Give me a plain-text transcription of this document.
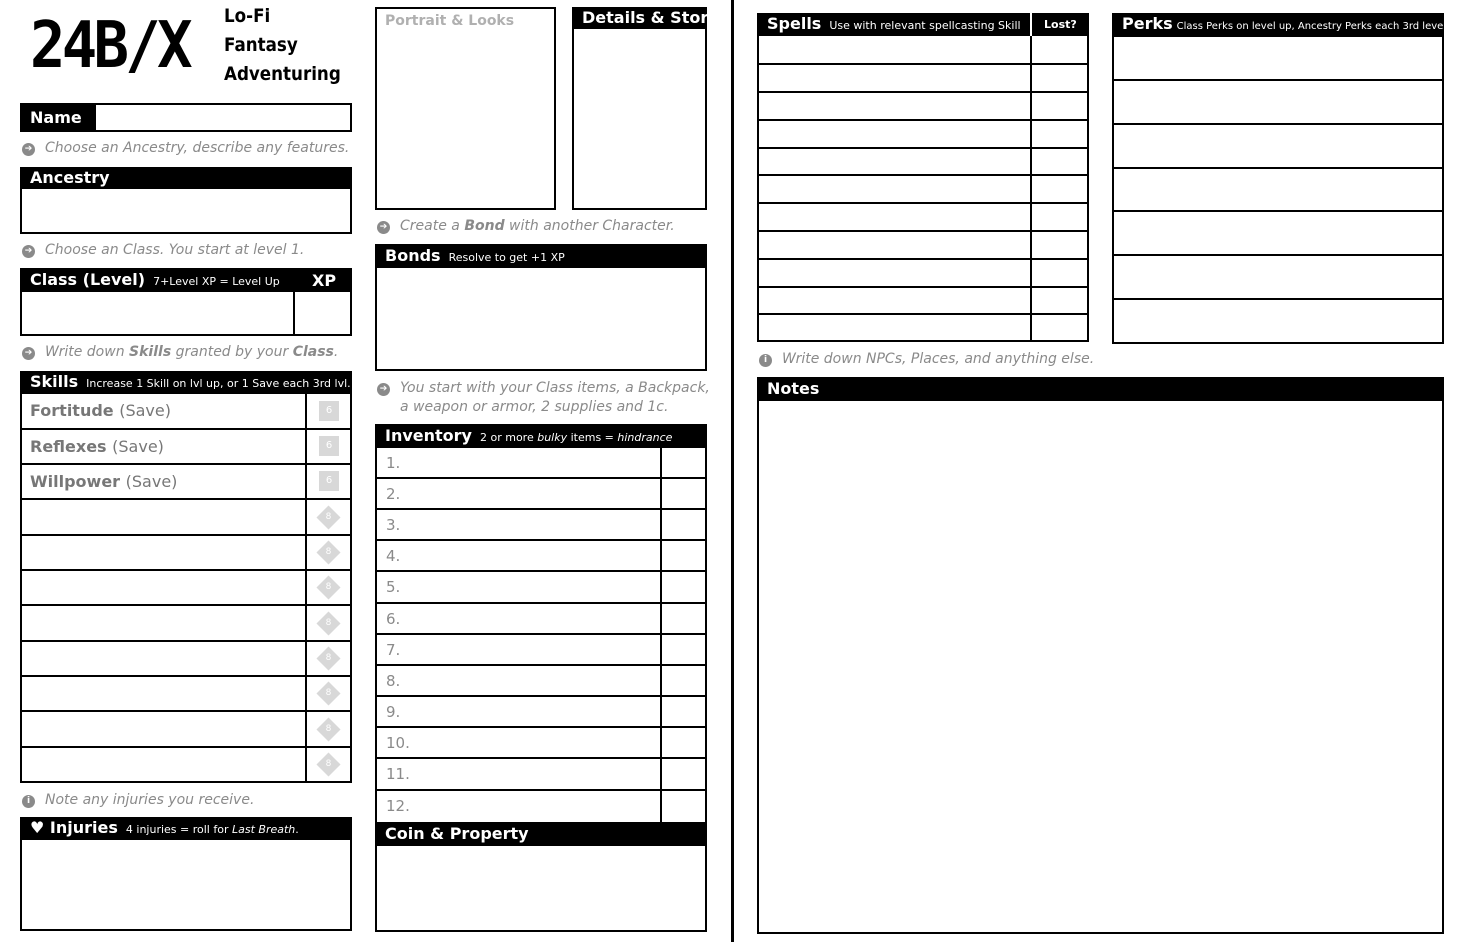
24B/X	Lo-Fi
Fantasy
Adventuring
Name
➔ Choose an Ancestry, describe any features.
Ancestry
➔ Choose an Class. You start at level 1.
Class (Level) 7+Level XP = Level Up	XP
➔ Write down Skills granted by your Class.
Skills Increase 1 Skill on lvl up, or 1 Save each 3rd lvl.
Fortitude (Save)	6
Reflexes (Save)	6
Willpower (Save)	6
8
8
8
8
8
8
8
8
i Note any injuries you receive.
♥ Injuries 4 injuries = roll for Last Breath.
Portrait & Looks	Details & Story
➔ Create a Bond with another Character.
Bonds Resolve to get +1 XP
➔ You start with your Class items, a Backpack,
a weapon or armor, 2 supplies and 1c.
Inventory 2 or more bulky items = hindrance
1.
2.
3.
4.
5.
6.
7.
8.
9.
10.
11.
12.
Coin & Property
Spells Use with relevant spellcasting Skill	Lost?	Perks Class Perks on level up, Ancestry Perks each 3rd level.
i Write down NPCs, Places, and anything else.
Notes
